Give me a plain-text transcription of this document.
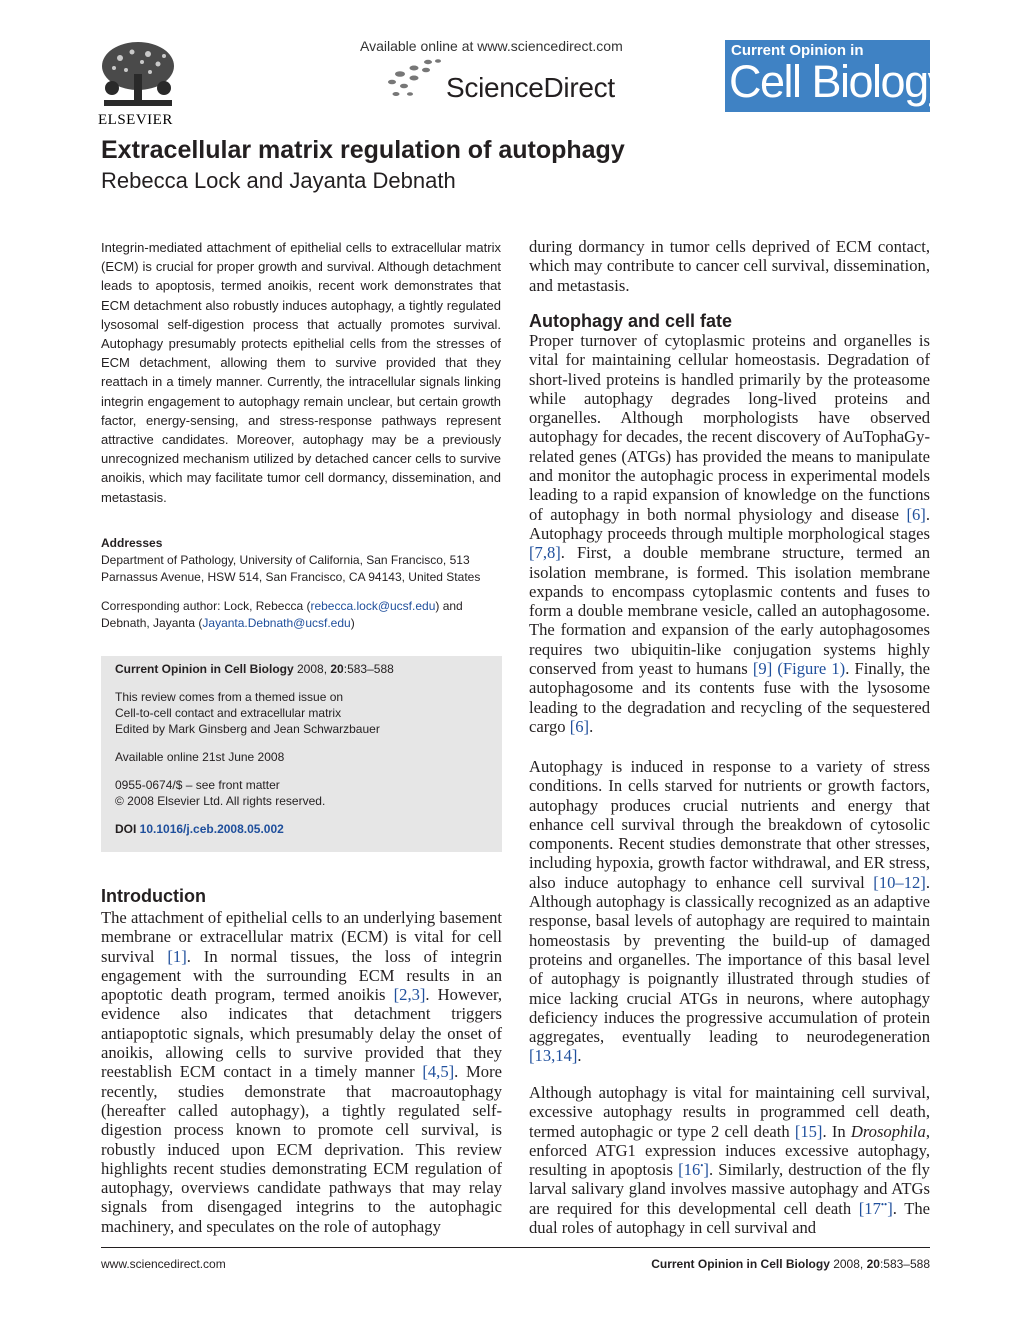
ELSEVIER
Available online at www.sciencedirect.com
ScienceDirect
Current Opinion in
Cell Biology
Extracellular matrix regulation of autophagy
Rebecca Lock and Jayanta Debnath

Integrin-mediated attachment of epithelial cells to extracellular matrix (ECM) is crucial for proper growth and survival. Although detachment leads to apoptosis, termed anoikis, recent work demonstrates that ECM detachment also robustly induces autophagy, a tightly regulated lysosomal self-digestion process that actually promotes survival. Autophagy presumably protects epithelial cells from the stresses of ECM detachment, allowing them to survive provided that they reattach in a timely manner. Currently, the intracellular signals linking integrin engagement to autophagy remain unclear, but certain growth factor, energy-sensing, and stress-response pathways represent attractive candidates. Moreover, autophagy may be a previously unrecognized mechanism utilized by detached cancer cells to survive anoikis, which may facilitate tumor cell dormancy, dissemination, and metastasis.

Addresses

Department of Pathology, University of California, San Francisco, 513 Parnassus Avenue, HSW 514, San Francisco, CA 94143, United States

Corresponding author: Lock, Rebecca (rebecca.lock@ucsf.edu) and Debnath, Jayanta (Jayanta.Debnath@ucsf.edu)

Current Opinion in Cell Biology 2008, 20:583–588
This review comes from a themed issue on
Cell-to-cell contact and extracellular matrix
Edited by Mark Ginsberg and Jean Schwarzbauer
Available online 21st June 2008
0955-0674/$ – see front matter
© 2008 Elsevier Ltd. All rights reserved.
DOI 10.1016/j.ceb.2008.05.002
Introduction

The attachment of epithelial cells to an underlying basement membrane or extracellular matrix (ECM) is vital for cell survival [1]. In normal tissues, the loss of integrin engagement with the surrounding ECM results in an apoptotic death program, termed anoikis [2,3]. However, evidence also indicates that detachment triggers antiapoptotic signals, which presumably delay the onset of anoikis, allowing cells to survive provided that they reestablish ECM contact in a timely manner [4,5]. More recently, studies demonstrate that macroautophagy (hereafter called autophagy), a tightly regulated self-digestion process known to promote cell survival, is robustly induced upon ECM deprivation. This review highlights recent studies demonstrating ECM regulation of autophagy, overviews candidate pathways that may relay signals from disengaged integrins to the autophagic machinery, and speculates on the role of autophagy

during dormancy in tumor cells deprived of ECM contact, which may contribute to cancer cell survival, dissemination, and metastasis.

Autophagy and cell fate

Proper turnover of cytoplasmic proteins and organelles is vital for maintaining cellular homeostasis. Degradation of short-lived proteins is handled primarily by the proteasome while autophagy degrades long-lived proteins and organelles. Although morphologists have observed autophagy for decades, the recent discovery of AuTophaGy-related genes (ATGs) has provided the means to manipulate and monitor the autophagic process in experimental models leading to a rapid expansion of knowledge on the functions of autophagy in both normal physiology and disease [6]. Autophagy proceeds through multiple morphological stages [7,8]. First, a double membrane structure, termed an isolation membrane, is formed. This isolation membrane expands to encompass cytoplasmic contents and fuses to form a double membrane vesicle, called an autophagosome. The formation and expansion of the early autophagosomes requires two ubiquitin-like conjugation systems highly conserved from yeast to humans [9] (Figure 1). Finally, the autophagosome and its contents fuse with the lysosome leading to the degradation and recycling of the sequestered cargo [6].

Autophagy is induced in response to a variety of stress conditions. In cells starved for nutrients or growth factors, autophagy produces crucial nutrients and energy that enhance cell survival through the breakdown of cytosolic components. Recent studies demonstrate that other stresses, including hypoxia, growth factor withdrawal, and ER stress, also induce autophagy to enhance cell survival [10–12]. Although autophagy is classically recognized as an adaptive response, basal levels of autophagy are required to maintain homeostasis by preventing the build-up of damaged proteins and organelles. The importance of this basal level of autophagy is poignantly illustrated through studies of mice lacking crucial ATGs in neurons, where autophagy deficiency induces the progressive accumulation of protein aggregates, eventually leading to neurodegeneration [13,14].

Although autophagy is vital for maintaining cell survival, excessive autophagy results in programmed cell death, termed autophagic or type 2 cell death [15]. In Drosophila, enforced ATG1 expression induces excessive autophagy, resulting in apoptosis [16•]. Similarly, destruction of the fly larval salivary gland involves massive autophagy and ATGs are required for this developmental cell death [17••]. The dual roles of autophagy in cell survival and

www.sciencedirect.com	Current Opinion in Cell Biology 2008, 20:583–588
